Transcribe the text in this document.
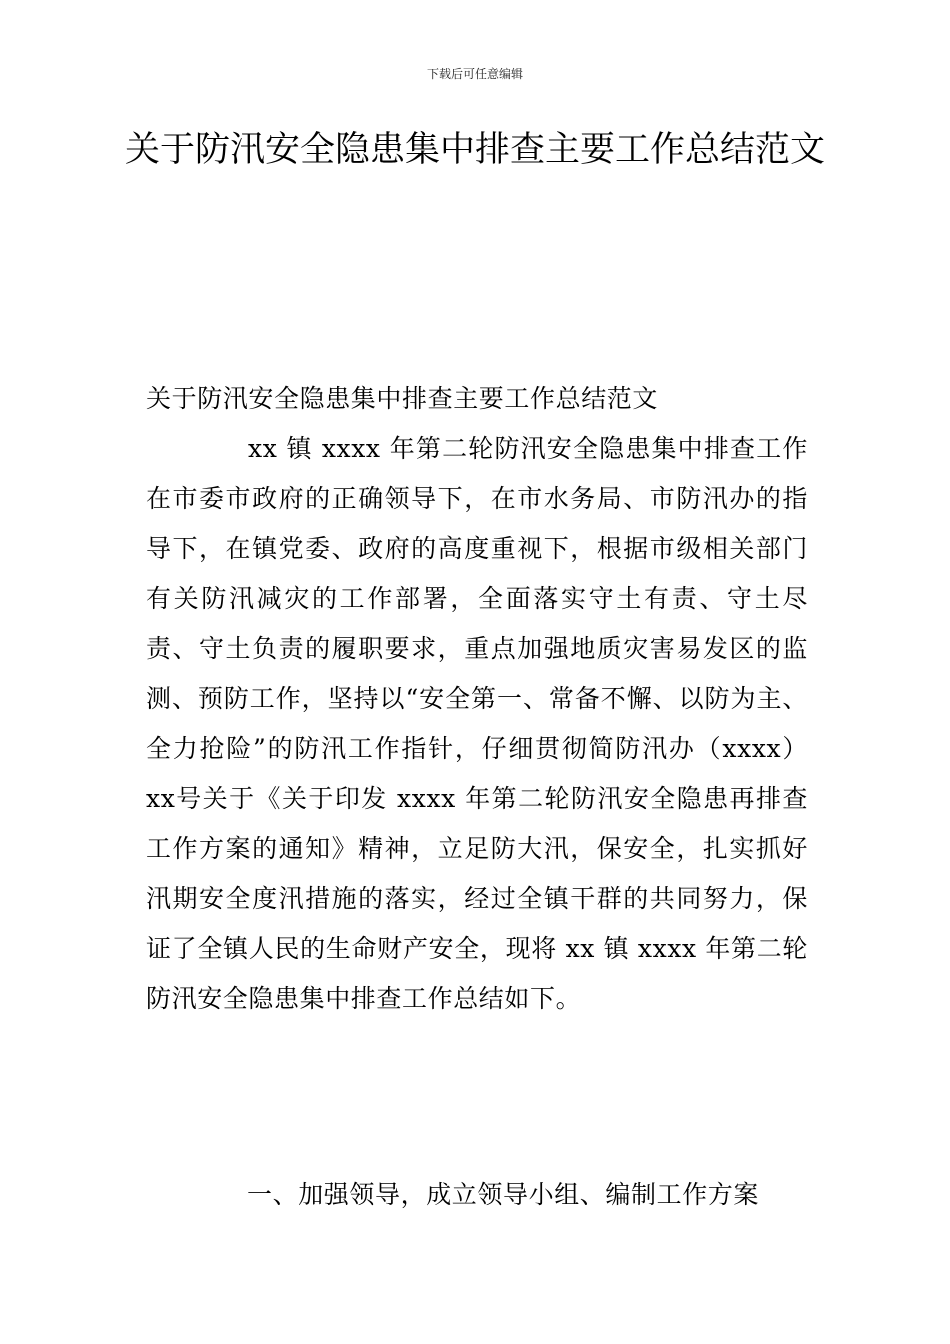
下载后可任意编辑
关于防汛安全隐患集中排查主要工作总结范文

关于防汛安全隐患集中排查主要工作总结范文

xx 镇 xxxx 年第二轮防汛安全隐患集中排查工作在市委市政府的正确领导下，在市水务局、市防汛办的指导下，在镇党委、政府的高度重视下，根据市级相关部门有关防汛减灾的工作部署，全面落实守土有责、守土尽责、守土负责的履职要求，重点加强地质灾害易发区的监测、预防工作，坚持以“安全第一、常备不懈、以防为主、全力抢险”的防汛工作指针，仔细贯彻简防汛办（xxxx）xx号关于《关于印发 xxxx 年第二轮防汛安全隐患再排查工作方案的通知》精神，立足防大汛，保安全，扎实抓好汛期安全度汛措施的落实，经过全镇干群的共同努力，保证了全镇人民的生命财产安全，现将 xx 镇 xxxx 年第二轮防汛安全隐患集中排查工作总结如下。

一、加强领导，成立领导小组、编制工作方案
